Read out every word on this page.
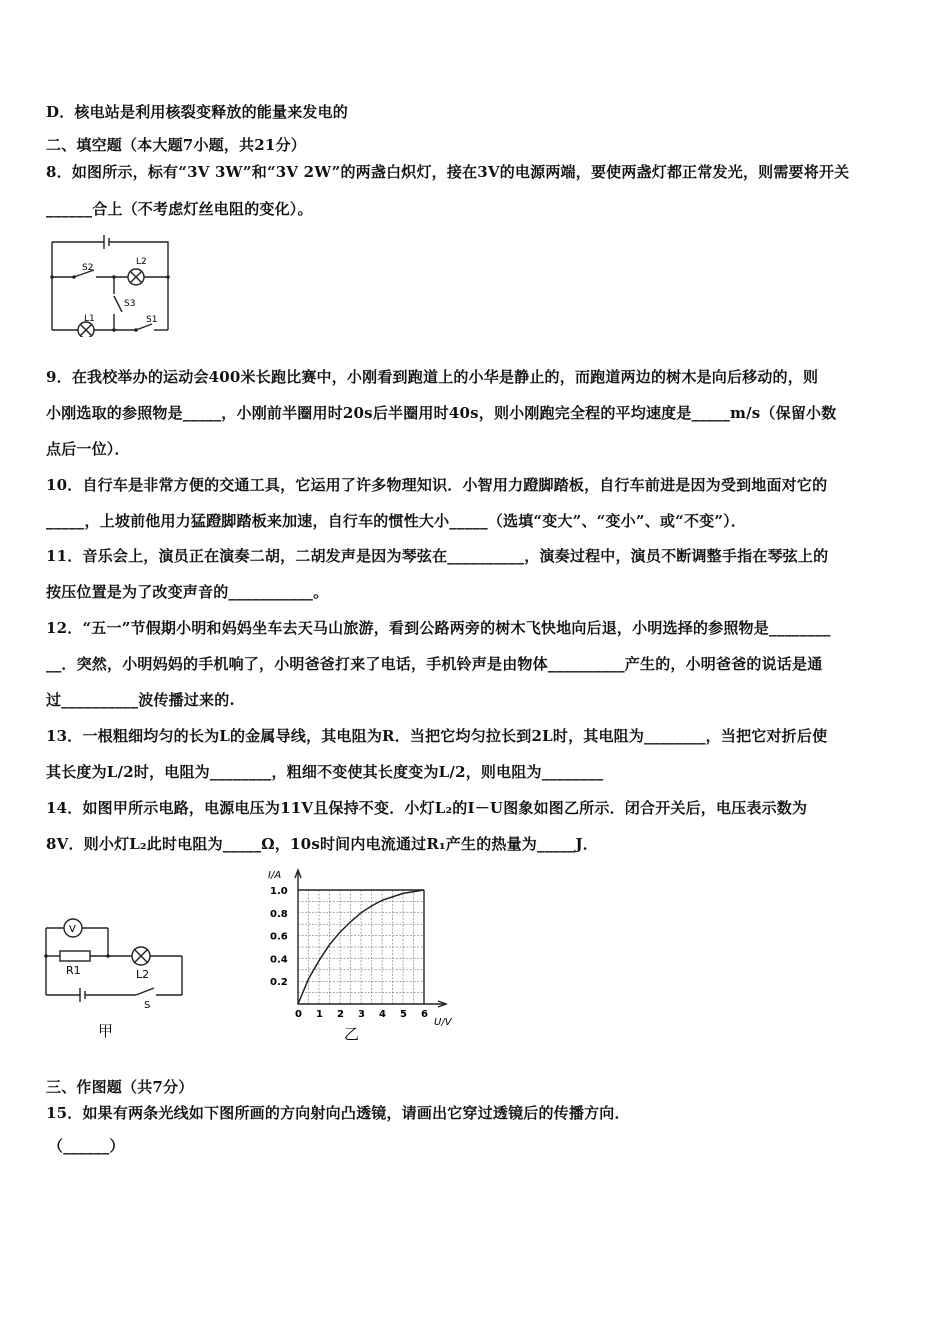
D．核电站是利用核裂变释放的能量来发电的
二、填空题（本大题7小题，共21分）
8．如图所示，标有“3V 3W”和“3V 2W”的两盏白炽灯，接在3V的电源两端，要使两盏灯都正常发光，则需要将开关
______合上（不考虑灯丝电阻的变化）。
S2
L2
S3
L1	S1
9．在我校举办的运动会400米长跑比赛中，小刚看到跑道上的小华是静止的，而跑道两边的树木是向后移动的，则
小刚选取的参照物是_____，小刚前半圈用时20s后半圈用时40s，则小刚跑完全程的平均速度是_____m/s（保留小数
点后一位）．
10．自行车是非常方便的交通工具，它运用了许多物理知识．小智用力蹬脚踏板，自行车前进是因为受到地面对它的
_____，上坡前他用力猛蹬脚踏板来加速，自行车的惯性大小_____（选填“变大”、“变小”、或“不变”）．
11．音乐会上，演员正在演奏二胡，二胡发声是因为琴弦在__________，演奏过程中，演员不断调整手指在琴弦上的
按压位置是为了改变声音的___________。
12．“五一”节假期小明和妈妈坐车去天马山旅游，看到公路两旁的树木飞快地向后退，小明选择的参照物是________
__．突然，小明妈妈的手机响了，小明爸爸打来了电话，手机铃声是由物体__________产生的，小明爸爸的说话是通
过__________波传播过来的.
13．一根粗细均匀的长为L的金属导线，其电阻为R．当把它均匀拉长到2L时，其电阻为________，当把它对折后使
其长度为L/2时，电阻为________，粗细不变使其长度变为L/2，则电阻为________
14．如图甲所示电路，电源电压为11V且保持不变．小灯L₂的I－U图象如图乙所示．闭合开关后，电压表示数为
8V．则小灯L₂此时电阻为_____Ω，10s时间内电流通过R₁产生的热量为_____J．
V
R1	L2
S
甲
0 1 2 3 4 5 6
0.2
0.4
0.6
0.8
1.0
I/A
U/V
乙
三、作图题（共7分）
15．如果有两条光线如下图所画的方向射向凸透镜，请画出它穿过透镜后的传播方向．
（______）
